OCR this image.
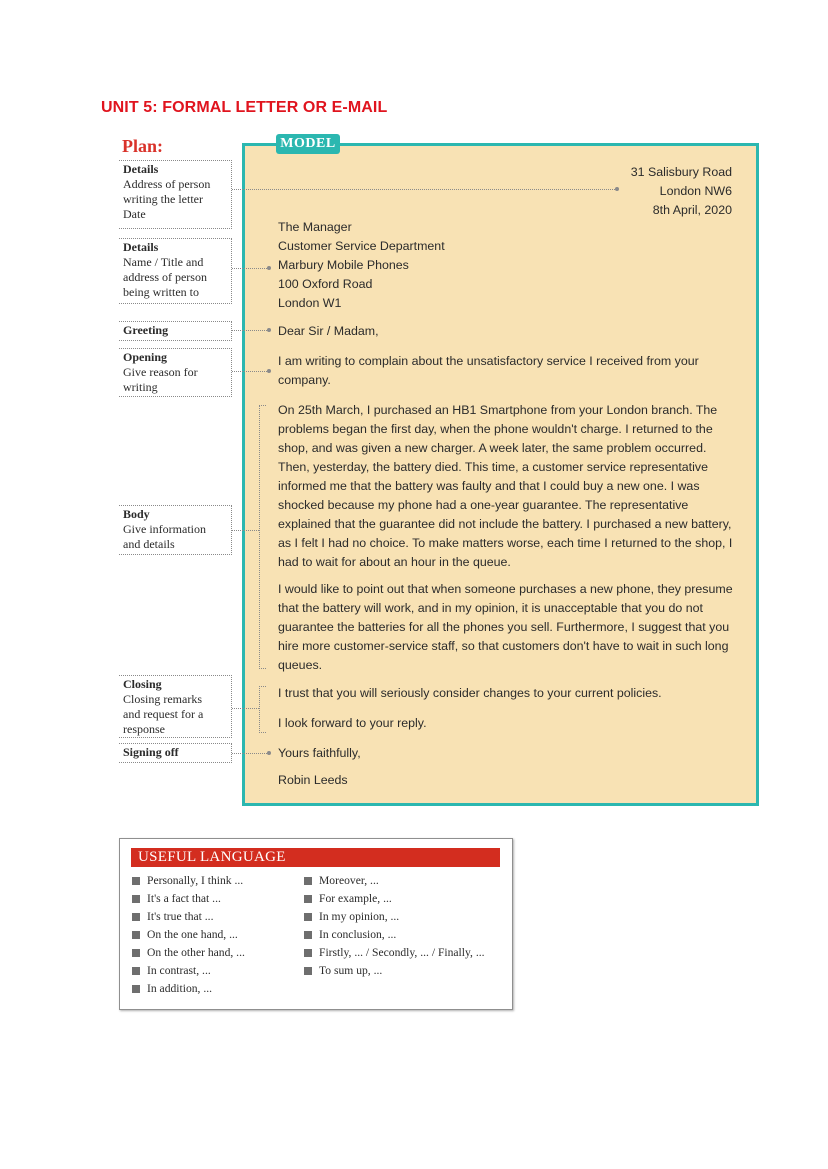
UNIT 5: FORMAL LETTER OR E-MAIL
Plan:	MODEL
31 Salisbury Road
London NW6
8th April, 2020
The Manager
Customer Service Department
Marbury Mobile Phones
100 Oxford Road
London W1
Dear Sir / Madam,
I am writing to complain about the unsatisfactory service I received from your company.
On 25th March, I purchased an HB1 Smartphone from your London branch. The problems began the first day, when the phone wouldn't charge. I returned to the shop, and was given a new charger. A week later, the same problem occurred. Then, yesterday, the battery died. This time, a customer service representative informed me that the battery was faulty and that I could buy a new one. I was shocked because my phone had a one-year guarantee. The representative explained that the guarantee did not include the battery. I purchased a new battery, as I felt I had no choice. To make matters worse, each time I returned to the shop, I had to wait for about an hour in the queue.
I would like to point out that when someone purchases a new phone, they presume that the battery will work, and in my opinion, it is unacceptable that you do not guarantee the batteries for all the phones you sell. Furthermore, I suggest that you hire more customer-service staff, so that customers don't have to wait in such long queues.
I trust that you will seriously consider changes to your current policies.
I look forward to your reply.
Yours faithfully,
Robin Leeds
Details
Address of person
writing the letter
Date
Details
Name / Title and
address of person
being written to
Greeting
Opening
Give reason for
writing
Body
Give information
and details
Closing
Closing remarks
and request for a
response
Signing off
USEFUL LANGUAGE
Personally, I think ...
It's a fact that ...
It's true that ...
On the one hand, ...
On the other hand, ...
In contrast, ...
In addition, ...
Moreover, ...
For example, ...
In my opinion, ...
In conclusion, ...
Firstly, ... / Secondly, ... / Finally, ...
To sum up, ...
